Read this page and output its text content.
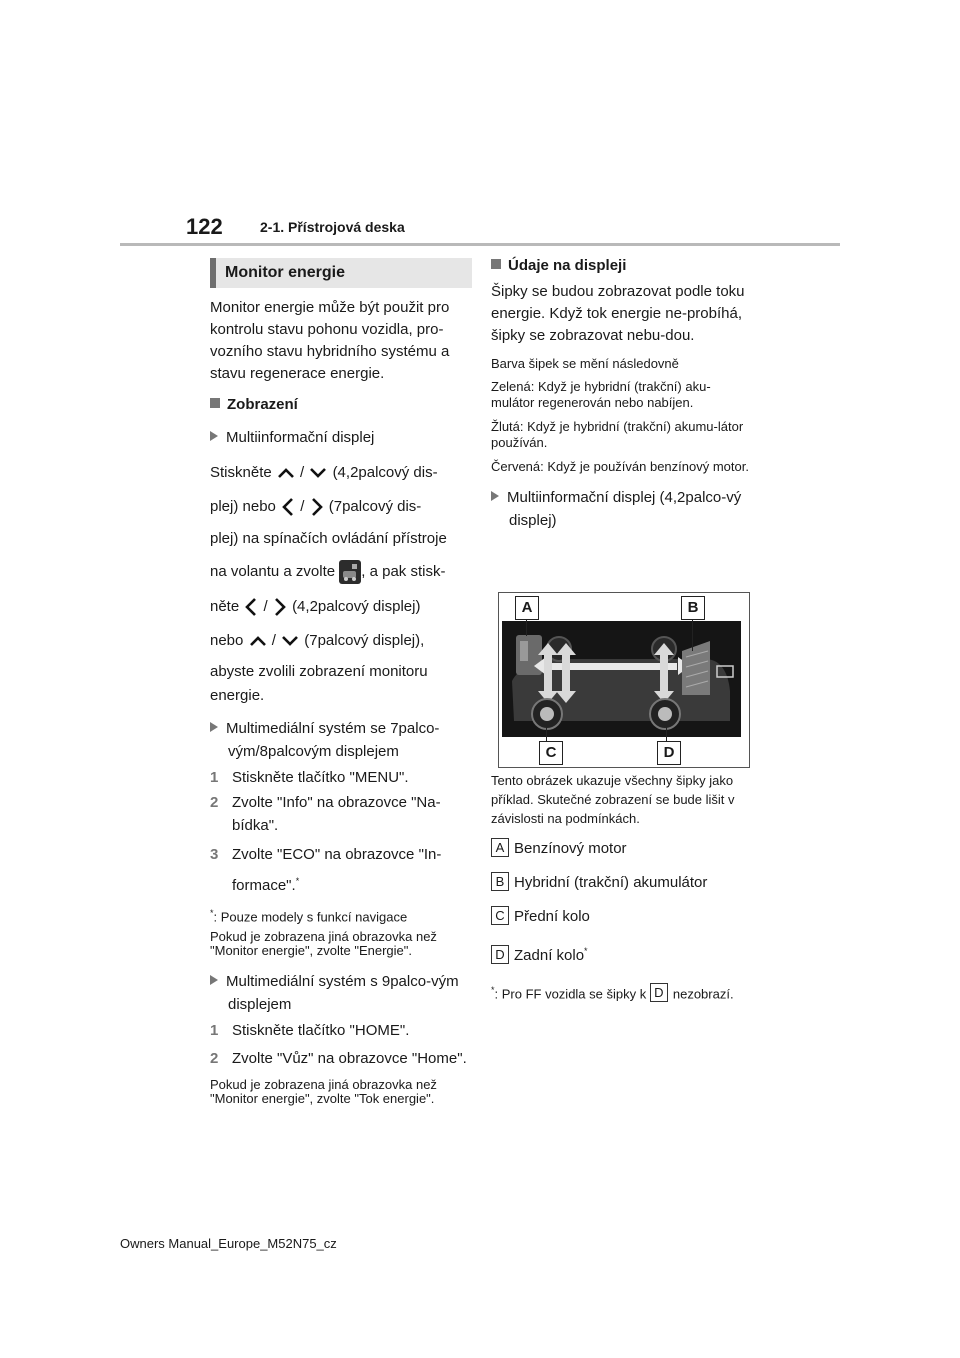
122	2-1. Přístrojová deska
Monitor energie

Monitor energie může být použit pro kontrolu stavu pohonu vozidla, pro-vozního stavu hybridního systému a stavu regenerace energie.

Zobrazení

Multiinformační displej

Stiskněte / (4,2palcový dis-

plej) nebo / (7palcový dis-

plej) na spínačích ovládání přístroje

na volantu a zvolte , a pak stisk-

něte / (4,2palcový displej)

nebo / (7palcový displej),

abyste zvolili zobrazení monitoru energie.

Multimediální systém se 7palco-vým/8palcovým displejem

1 Stiskněte tlačítko "MENU".

2 Zvolte "Info" na obrazovce "Na-bídka".

3 Zvolte "ECO" na obrazovce "In-formace".*

*: Pouze modely s funkcí navigace

Pokud je zobrazena jiná obrazovka než "Monitor energie", zvolte "Energie".

Multimediální systém s 9palco-vým displejem

1 Stiskněte tlačítko "HOME".

2 Zvolte "Vůz" na obrazovce "Home".

Pokud je zobrazena jiná obrazovka než "Monitor energie", zvolte "Tok energie".

Údaje na displeji

Šipky se budou zobrazovat podle toku energie. Když tok energie ne-probíhá, šipky se zobrazovat nebu-dou.

Barva šipek se mění následovně

Zelená: Když je hybridní (trakční) aku-mulátor regenerován nebo nabíjen.

Žlutá: Když je hybridní (trakční) akumu-látor používán.

Červená: Když je používán benzínový motor.

Multiinformační displej (4,2palco-vý displej)

A	B
C	D

Tento obrázek ukazuje všechny šipky jako příklad. Skutečné zobrazení se bude lišit v závislosti na podmínkách.

A Benzínový motor

B Hybridní (trakční) akumulátor

C Přední kolo

D Zadní kolo*

*: Pro FF vozidla se šipky k D nezobrazí.

Owners Manual_Europe_M52N75_cz
